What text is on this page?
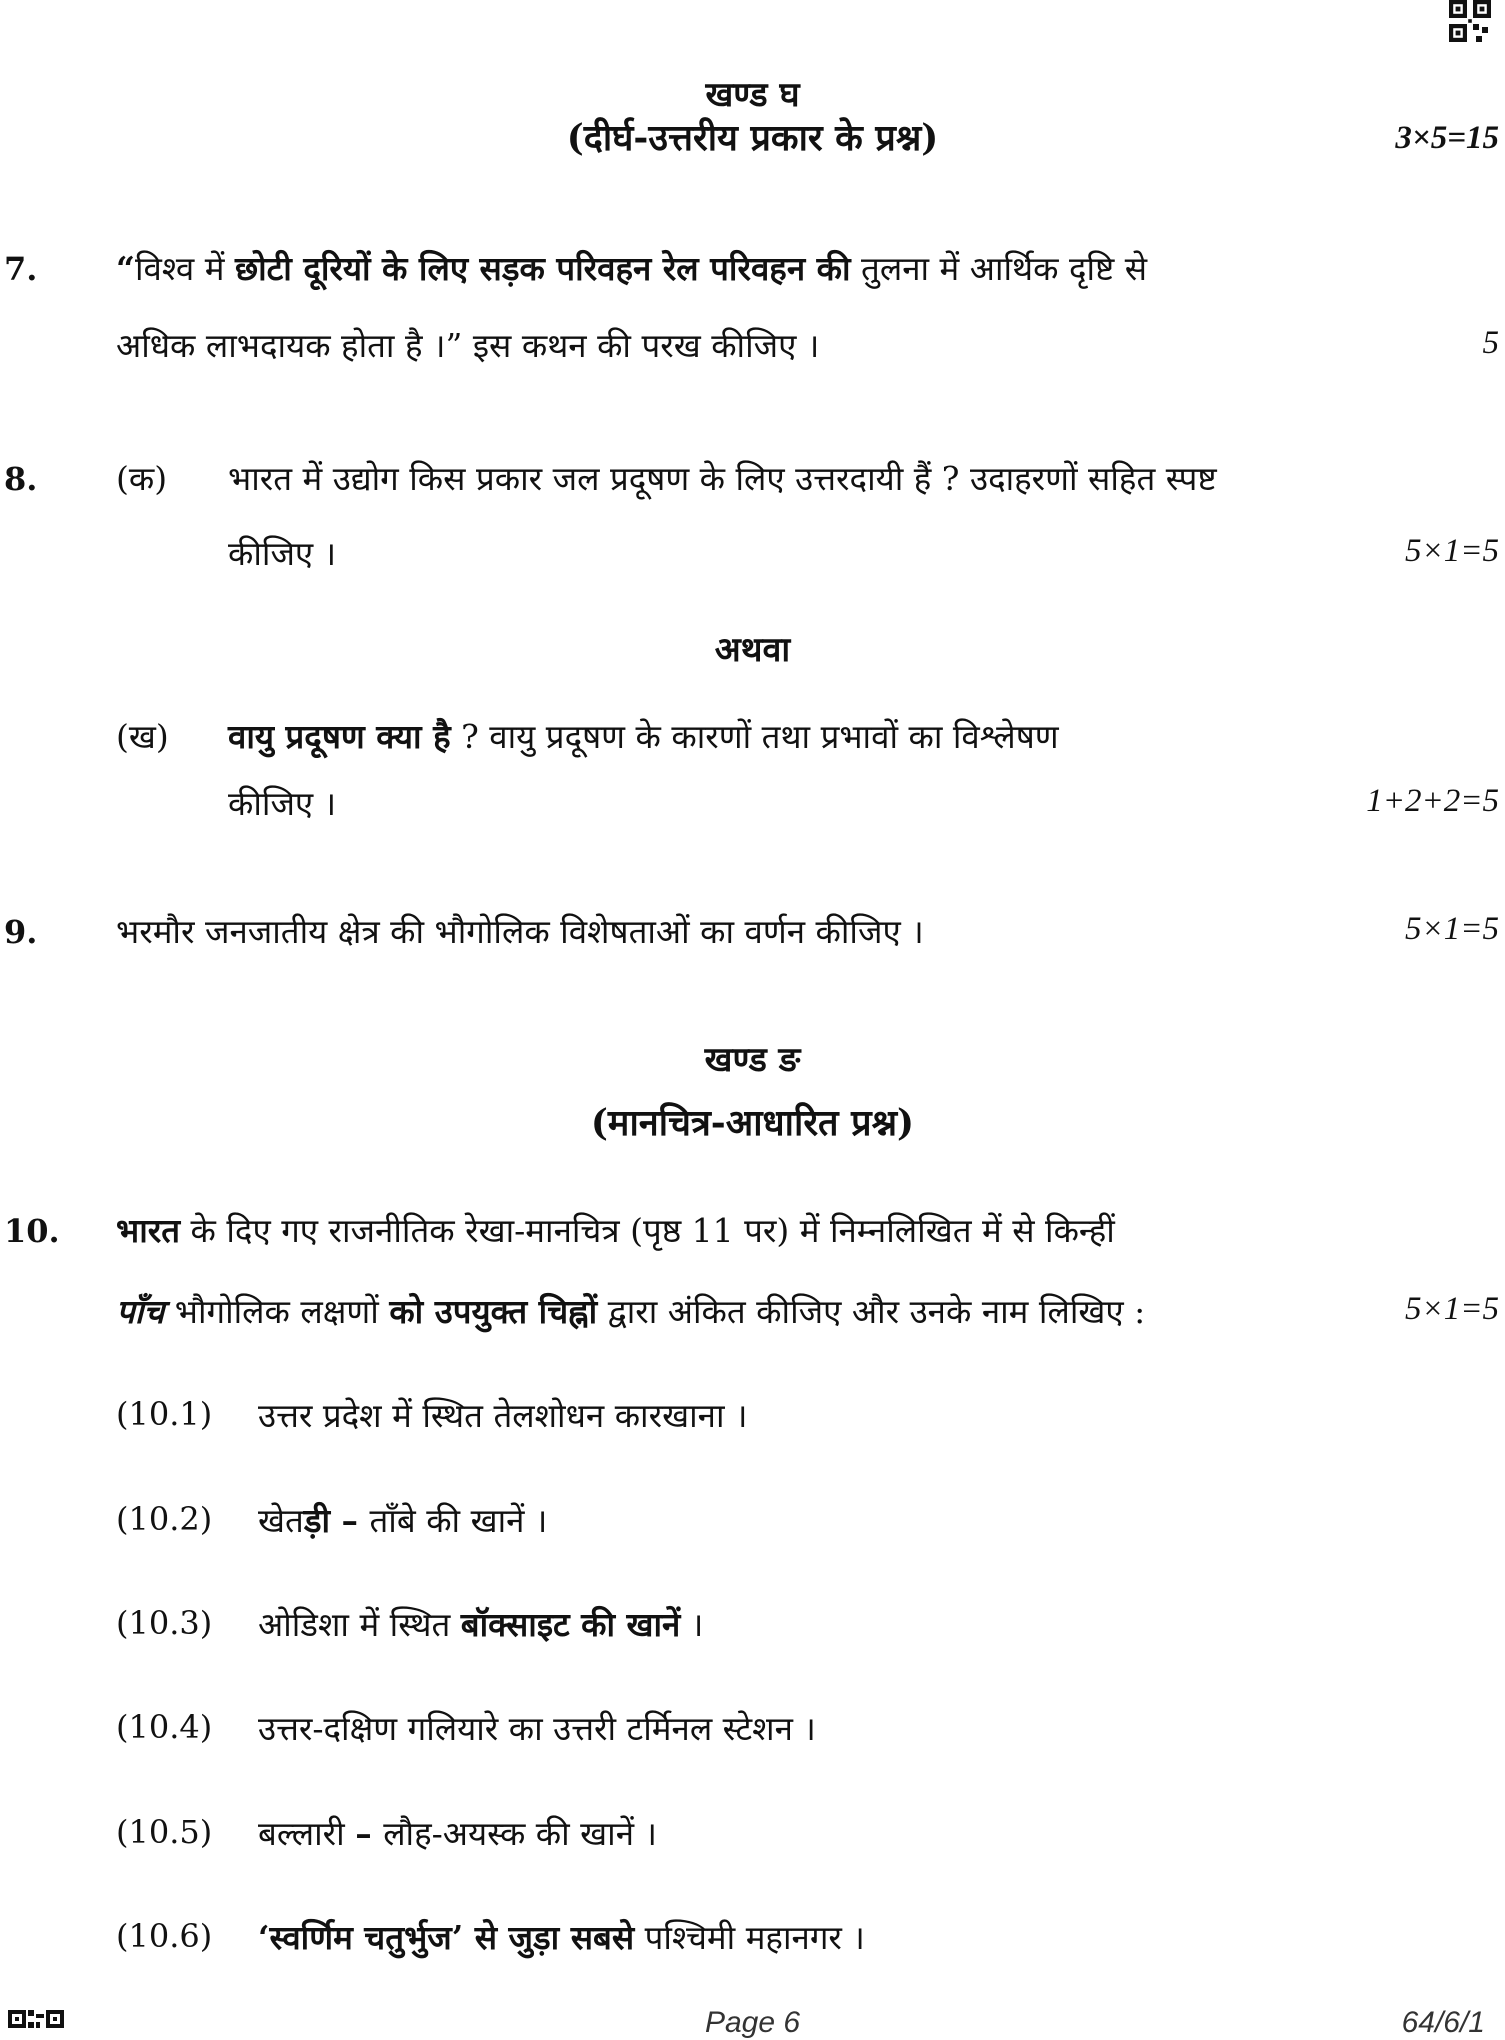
खण्ड घ
(दीर्घ-उत्तरीय प्रकार के प्रश्न)	3×5=15
7. “विश्व में छोटी दूरियों के लिए सड़क परिवहन रेल परिवहन की तुलना में आर्थिक दृष्टि से
अधिक लाभदायक होता है ।” इस कथन की परख कीजिए ।	5
8. (क) भारत में उद्योग किस प्रकार जल प्रदूषण के लिए उत्तरदायी हैं ? उदाहरणों सहित स्पष्ट
कीजिए ।	5×1=5
अथवा
(ख) वायु प्रदूषण क्या है ? वायु प्रदूषण के कारणों तथा प्रभावों का विश्लेषण
कीजिए ।	1+2+2=5
9. भरमौर जनजातीय क्षेत्र की भौगोलिक विशेषताओं का वर्णन कीजिए ।	5×1=5
खण्ड ङ
(मानचित्र-आधारित प्रश्न)
10. भारत के दिए गए राजनीतिक रेखा-मानचित्र (पृष्ठ 11 पर) में निम्नलिखित में से किन्हीं
पाँच भौगोलिक लक्षणों को उपयुक्त चिह्नों द्वारा अंकित कीजिए और उनके नाम लिखिए :	5×1=5
(10.1) उत्तर प्रदेश में स्थित तेलशोधन कारखाना ।
(10.2) खेतड़ी – ताँबे की खानें ।
(10.3) ओडिशा में स्थित बॉक्साइट की खानें ।
(10.4) उत्तर-दक्षिण गलियारे का उत्तरी टर्मिनल स्टेशन ।
(10.5) बल्लारी – लौह-अयस्क की खानें ।
(10.6) ‘स्वर्णिम चतुर्भुज’ से जुड़ा सबसे पश्चिमी महानगर ।
Page 6	64/6/1
